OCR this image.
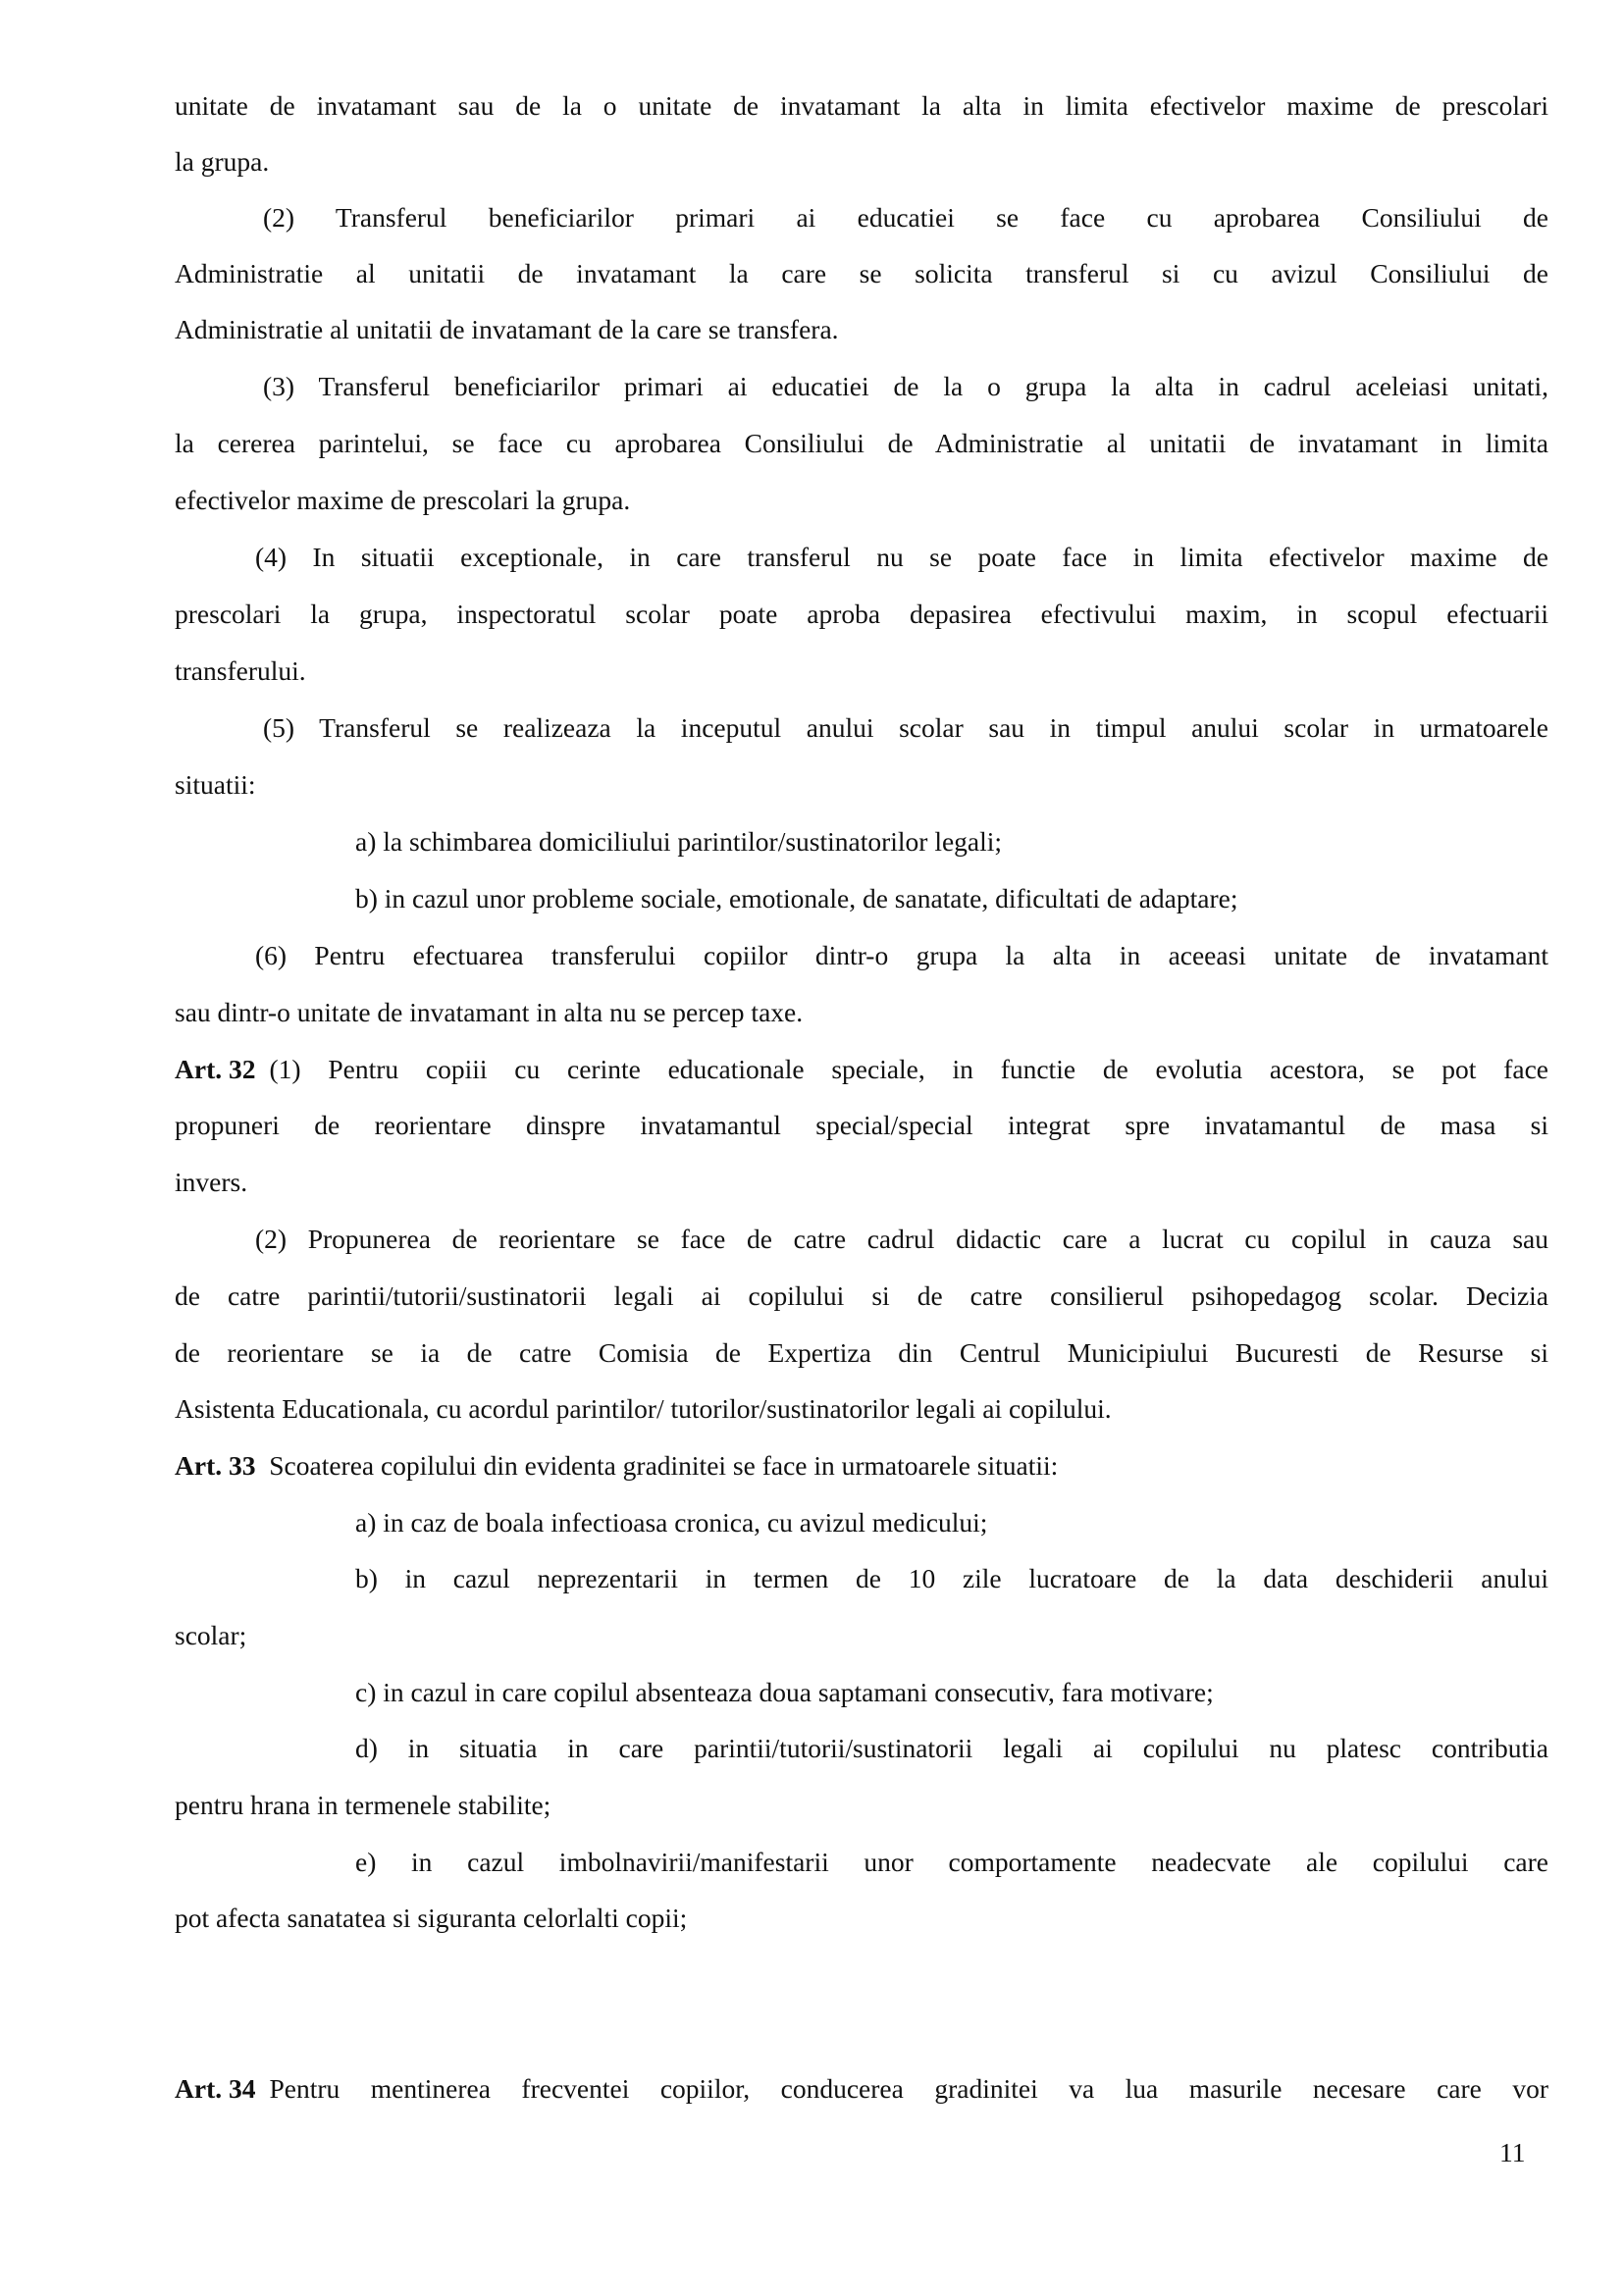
unitate de invatamant sau de la o unitate de invatamant la alta in limita efectivelor maxime de prescolari
la grupa.
(2) Transferul beneficiarilor primari ai educatiei se face cu aprobarea Consiliului de
Administratie al unitatii de invatamant la care se solicita transferul si cu avizul Consiliului de
Administratie al unitatii de invatamant de la care se transfera.
(3) Transferul beneficiarilor primari ai educatiei de la o grupa la alta in cadrul aceleiasi unitati,
la cererea parintelui, se face cu aprobarea Consiliului de Administratie al unitatii de invatamant in limita
efectivelor maxime de prescolari la grupa.
(4) In situatii exceptionale, in care transferul nu se poate face in limita efectivelor maxime de
prescolari la grupa, inspectoratul scolar poate aproba depasirea efectivului maxim, in scopul efectuarii
transferului.
(5) Transferul se realizeaza la inceputul anului scolar sau in timpul anului scolar in urmatoarele
situatii:
a) la schimbarea domiciliului parintilor/sustinatorilor legali;
b) in cazul unor probleme sociale, emotionale, de sanatate, dificultati de adaptare;
(6) Pentru efectuarea transferului copiilor dintr-o grupa la alta in aceeasi unitate de invatamant
sau dintr-o unitate de invatamant in alta nu se percep taxe.
Art. 32 (1) Pentru copiii cu cerinte educationale speciale, in functie de evolutia acestora, se pot face
propuneri de reorientare dinspre invatamantul special/special integrat spre invatamantul de masa si
invers.
(2) Propunerea de reorientare se face de catre cadrul didactic care a lucrat cu copilul in cauza sau
de catre parintii/tutorii/sustinatorii legali ai copilului si de catre consilierul psihopedagog scolar. Decizia
de reorientare se ia de catre Comisia de Expertiza din Centrul Municipiului Bucuresti de Resurse si
Asistenta Educationala, cu acordul parintilor/ tutorilor/sustinatorilor legali ai copilului.
Art. 33 Scoaterea copilului din evidenta gradinitei se face in urmatoarele situatii:
a) in caz de boala infectioasa cronica, cu avizul medicului;
b) in cazul neprezentarii in termen de 10 zile lucratoare de la data deschiderii anului
scolar;
c) in cazul in care copilul absenteaza doua saptamani consecutiv, fara motivare;
d) in situatia in care parintii/tutorii/sustinatorii legali ai copilului nu platesc contributia
pentru hrana in termenele stabilite;
e) in cazul imbolnavirii/manifestarii unor comportamente neadecvate ale copilului care
pot afecta sanatatea si siguranta celorlalti copii;
Art. 34 Pentru mentinerea frecventei copiilor, conducerea gradinitei va lua masurile necesare care vor
11
